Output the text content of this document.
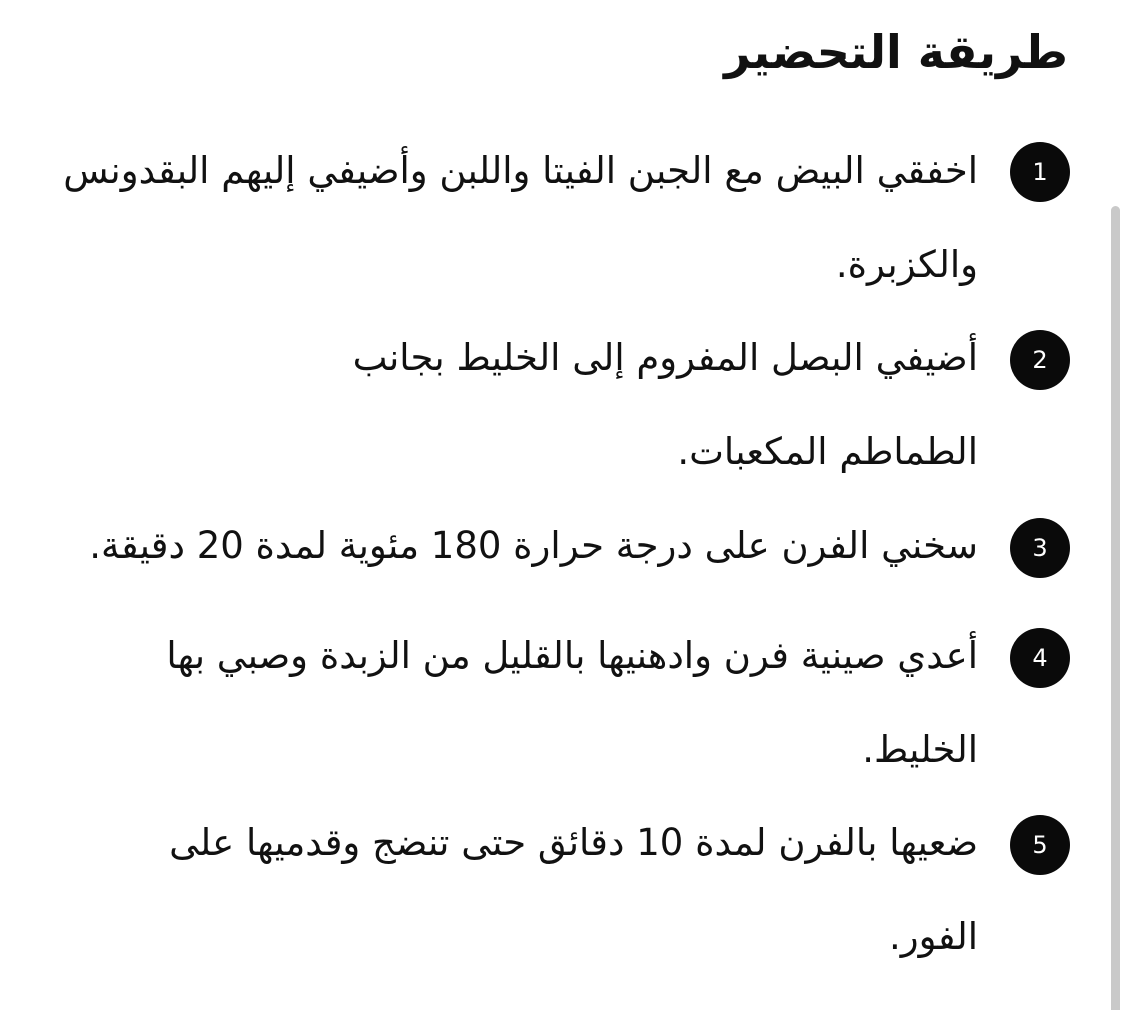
طريقة التحضير
1

اخفقي البيض مع الجبن الفيتا واللبن وأضيفي إليهم البقدونس والكزبرة.

2

أضيفي البصل المفروم إلى الخليط بجانب الطماطم المكعبات.

3

سخني الفرن على درجة حرارة 180 مئوية لمدة 20 دقيقة.

4

أعدي صينية فرن وادهنيها بالقليل من الزبدة وصبي بها الخليط.

5

ضعيها بالفرن لمدة 10 دقائق حتى تنضج وقدميها على الفور.
